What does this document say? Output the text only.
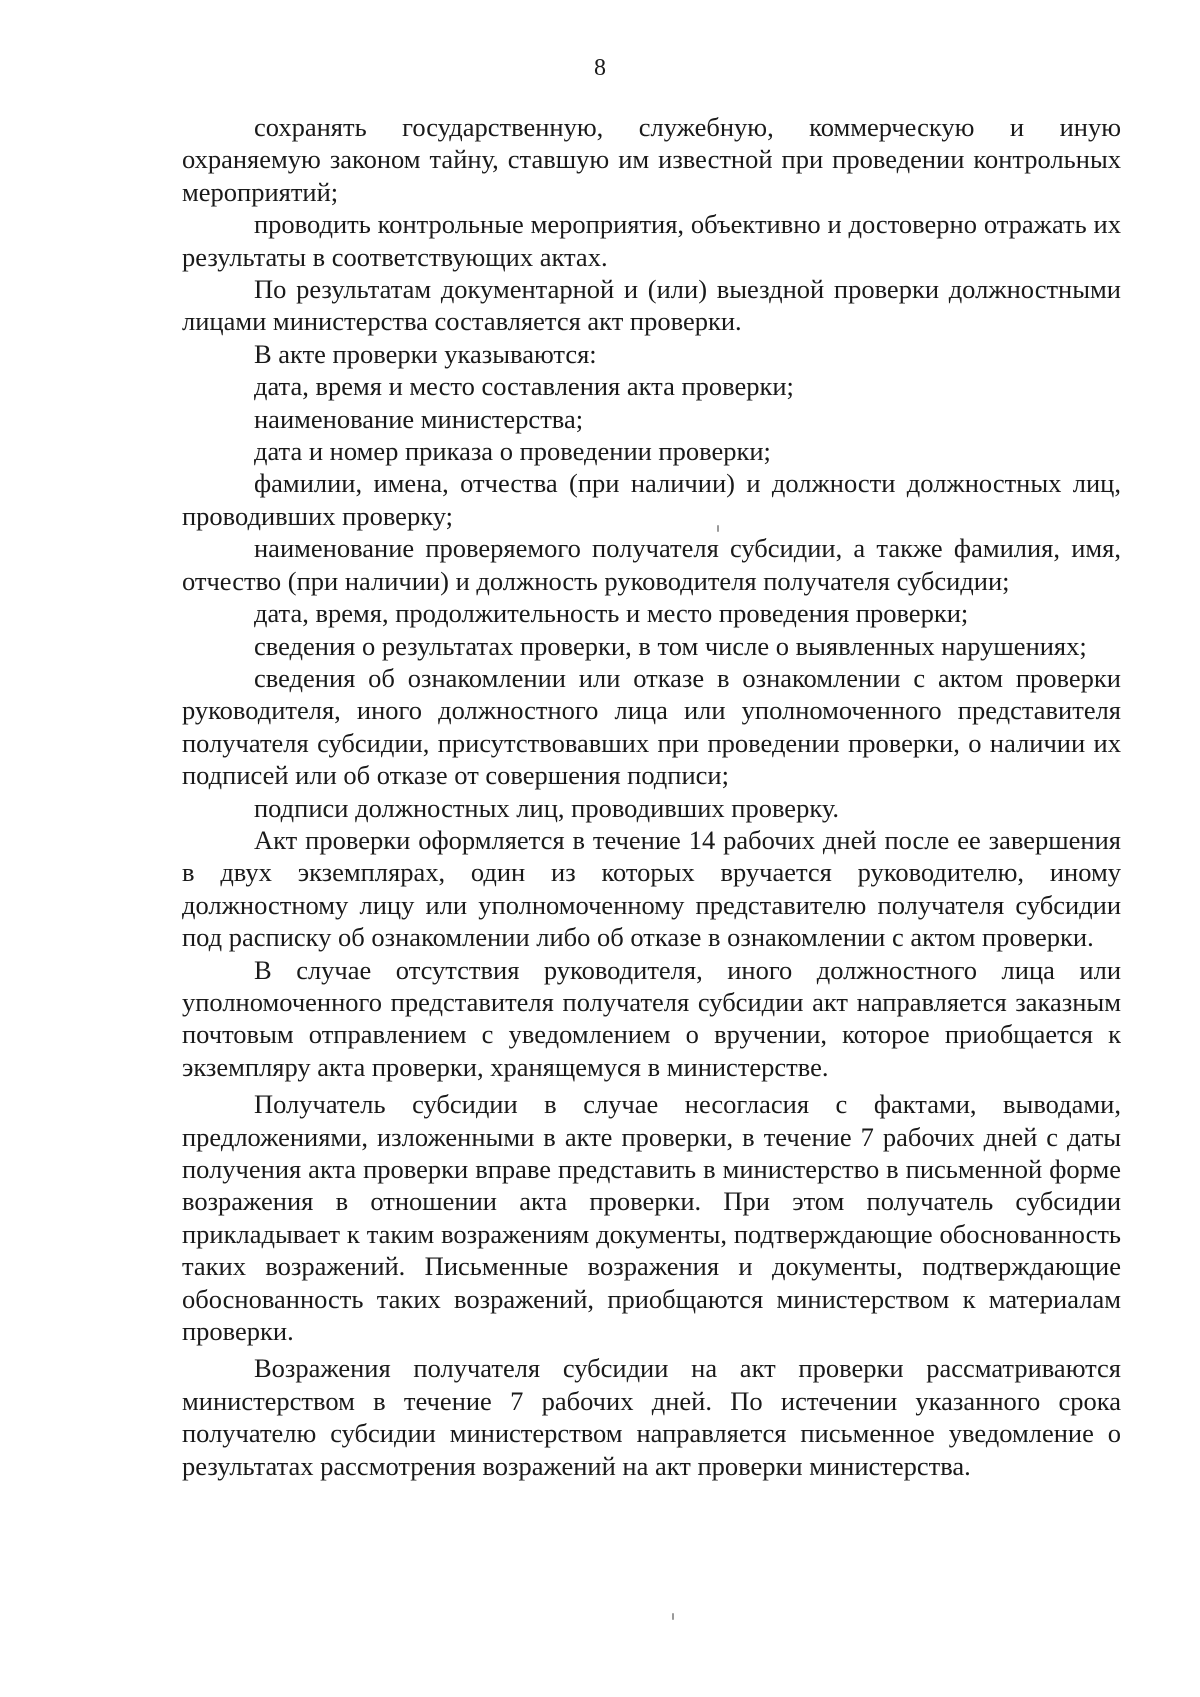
8

сохранять государственную, служебную, коммерческую и иную охраняемую законом тайну, ставшую им известной при проведении контрольных мероприятий;

проводить контрольные мероприятия, объективно и достоверно отражать их результаты в соответствующих актах.

По результатам документарной и (или) выездной проверки должностными лицами министерства составляется акт проверки.

В акте проверки указываются:

дата, время и место составления акта проверки;

наименование министерства;

дата и номер приказа о проведении проверки;

фамилии, имена, отчества (при наличии) и должности должностных лиц, проводивших проверку;

наименование проверяемого получателя субсидии, а также фамилия, имя, отчество (при наличии) и должность руководителя получателя субсидии;

дата, время, продолжительность и место проведения проверки;

сведения о результатах проверки, в том числе о выявленных нарушениях;

сведения об ознакомлении или отказе в ознакомлении с актом проверки руководителя, иного должностного лица или уполномоченного представителя получателя субсидии, присутствовавших при проведении проверки, о наличии их подписей или об отказе от совершения подписи;

подписи должностных лиц, проводивших проверку.

Акт проверки оформляется в течение 14 рабочих дней после ее завершения в двух экземплярах, один из которых вручается руководителю, иному должностному лицу или уполномоченному представителю получателя субсидии под расписку об ознакомлении либо об отказе в ознакомлении с актом проверки.

В случае отсутствия руководителя, иного должностного лица или уполномоченного представителя получателя субсидии акт направляется заказным почтовым отправлением с уведомлением о вручении, которое приобщается к экземпляру акта проверки, хранящемуся в министерстве.

Получатель субсидии в случае несогласия с фактами, выводами, предложениями, изложенными в акте проверки, в течение 7 рабочих дней с даты получения акта проверки вправе представить в министерство в письменной форме возражения в отношении акта проверки. При этом получатель субсидии прикладывает к таким возражениям документы, подтверждающие обоснованность таких возражений. Письменные возражения и документы, подтверждающие обоснованность таких возражений, приобщаются министерством к материалам проверки.

Возражения получателя субсидии на акт проверки рассматриваются министерством в течение 7 рабочих дней. По истечении указанного срока получателю субсидии министерством направляется письменное уведомление о результатах рассмотрения возражений на акт проверки министерства.
